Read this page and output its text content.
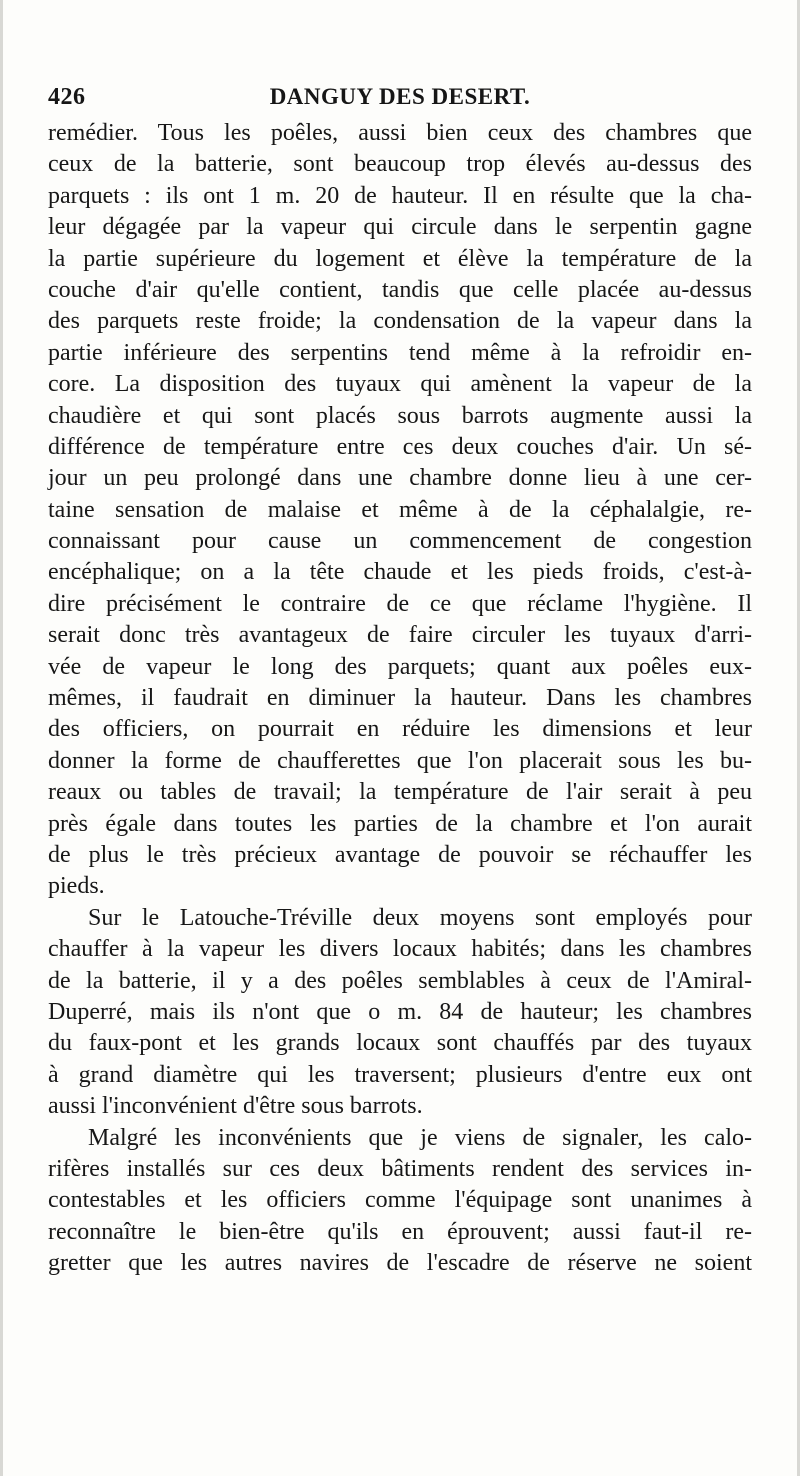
DANGUY DES DESERT.
426
remédier. Tous les poêles, aussi bien ceux des chambres que
ceux de la batterie, sont beaucoup trop élevés au-dessus des
parquets : ils ont 1 m. 20 de hauteur. Il en résulte que la cha-
leur dégagée par la vapeur qui circule dans le serpentin gagne
la partie supérieure du logement et élève la température de la
couche d'air qu'elle contient, tandis que celle placée au-dessus
des parquets reste froide; la condensation de la vapeur dans la
partie inférieure des serpentins tend même à la refroidir en-
core. La disposition des tuyaux qui amènent la vapeur de la
chaudière et qui sont placés sous barrots augmente aussi la
différence de température entre ces deux couches d'air. Un sé-
jour un peu prolongé dans une chambre donne lieu à une cer-
taine sensation de malaise et même à de la céphalalgie, re-
connaissant pour cause un commencement de congestion
encéphalique; on a la tête chaude et les pieds froids, c'est-à-
dire précisément le contraire de ce que réclame l'hygiène. Il
serait donc très avantageux de faire circuler les tuyaux d'arri-
vée de vapeur le long des parquets; quant aux poêles eux-
mêmes, il faudrait en diminuer la hauteur. Dans les chambres
des officiers, on pourrait en réduire les dimensions et leur
donner la forme de chaufferettes que l'on placerait sous les bu-
reaux ou tables de travail; la température de l'air serait à peu
près égale dans toutes les parties de la chambre et l'on aurait
de plus le très précieux avantage de pouvoir se réchauffer les
pieds.
Sur le Latouche-Tréville deux moyens sont employés pour
chauffer à la vapeur les divers locaux habités; dans les chambres
de la batterie, il y a des poêles semblables à ceux de l'Amiral-
Duperré, mais ils n'ont que o m. 84 de hauteur; les chambres
du faux-pont et les grands locaux sont chauffés par des tuyaux
à grand diamètre qui les traversent; plusieurs d'entre eux ont
aussi l'inconvénient d'être sous barrots.
Malgré les inconvénients que je viens de signaler, les calo-
rifères installés sur ces deux bâtiments rendent des services in-
contestables et les officiers comme l'équipage sont unanimes à
reconnaître le bien-être qu'ils en éprouvent; aussi faut-il re-
gretter que les autres navires de l'escadre de réserve ne soient
